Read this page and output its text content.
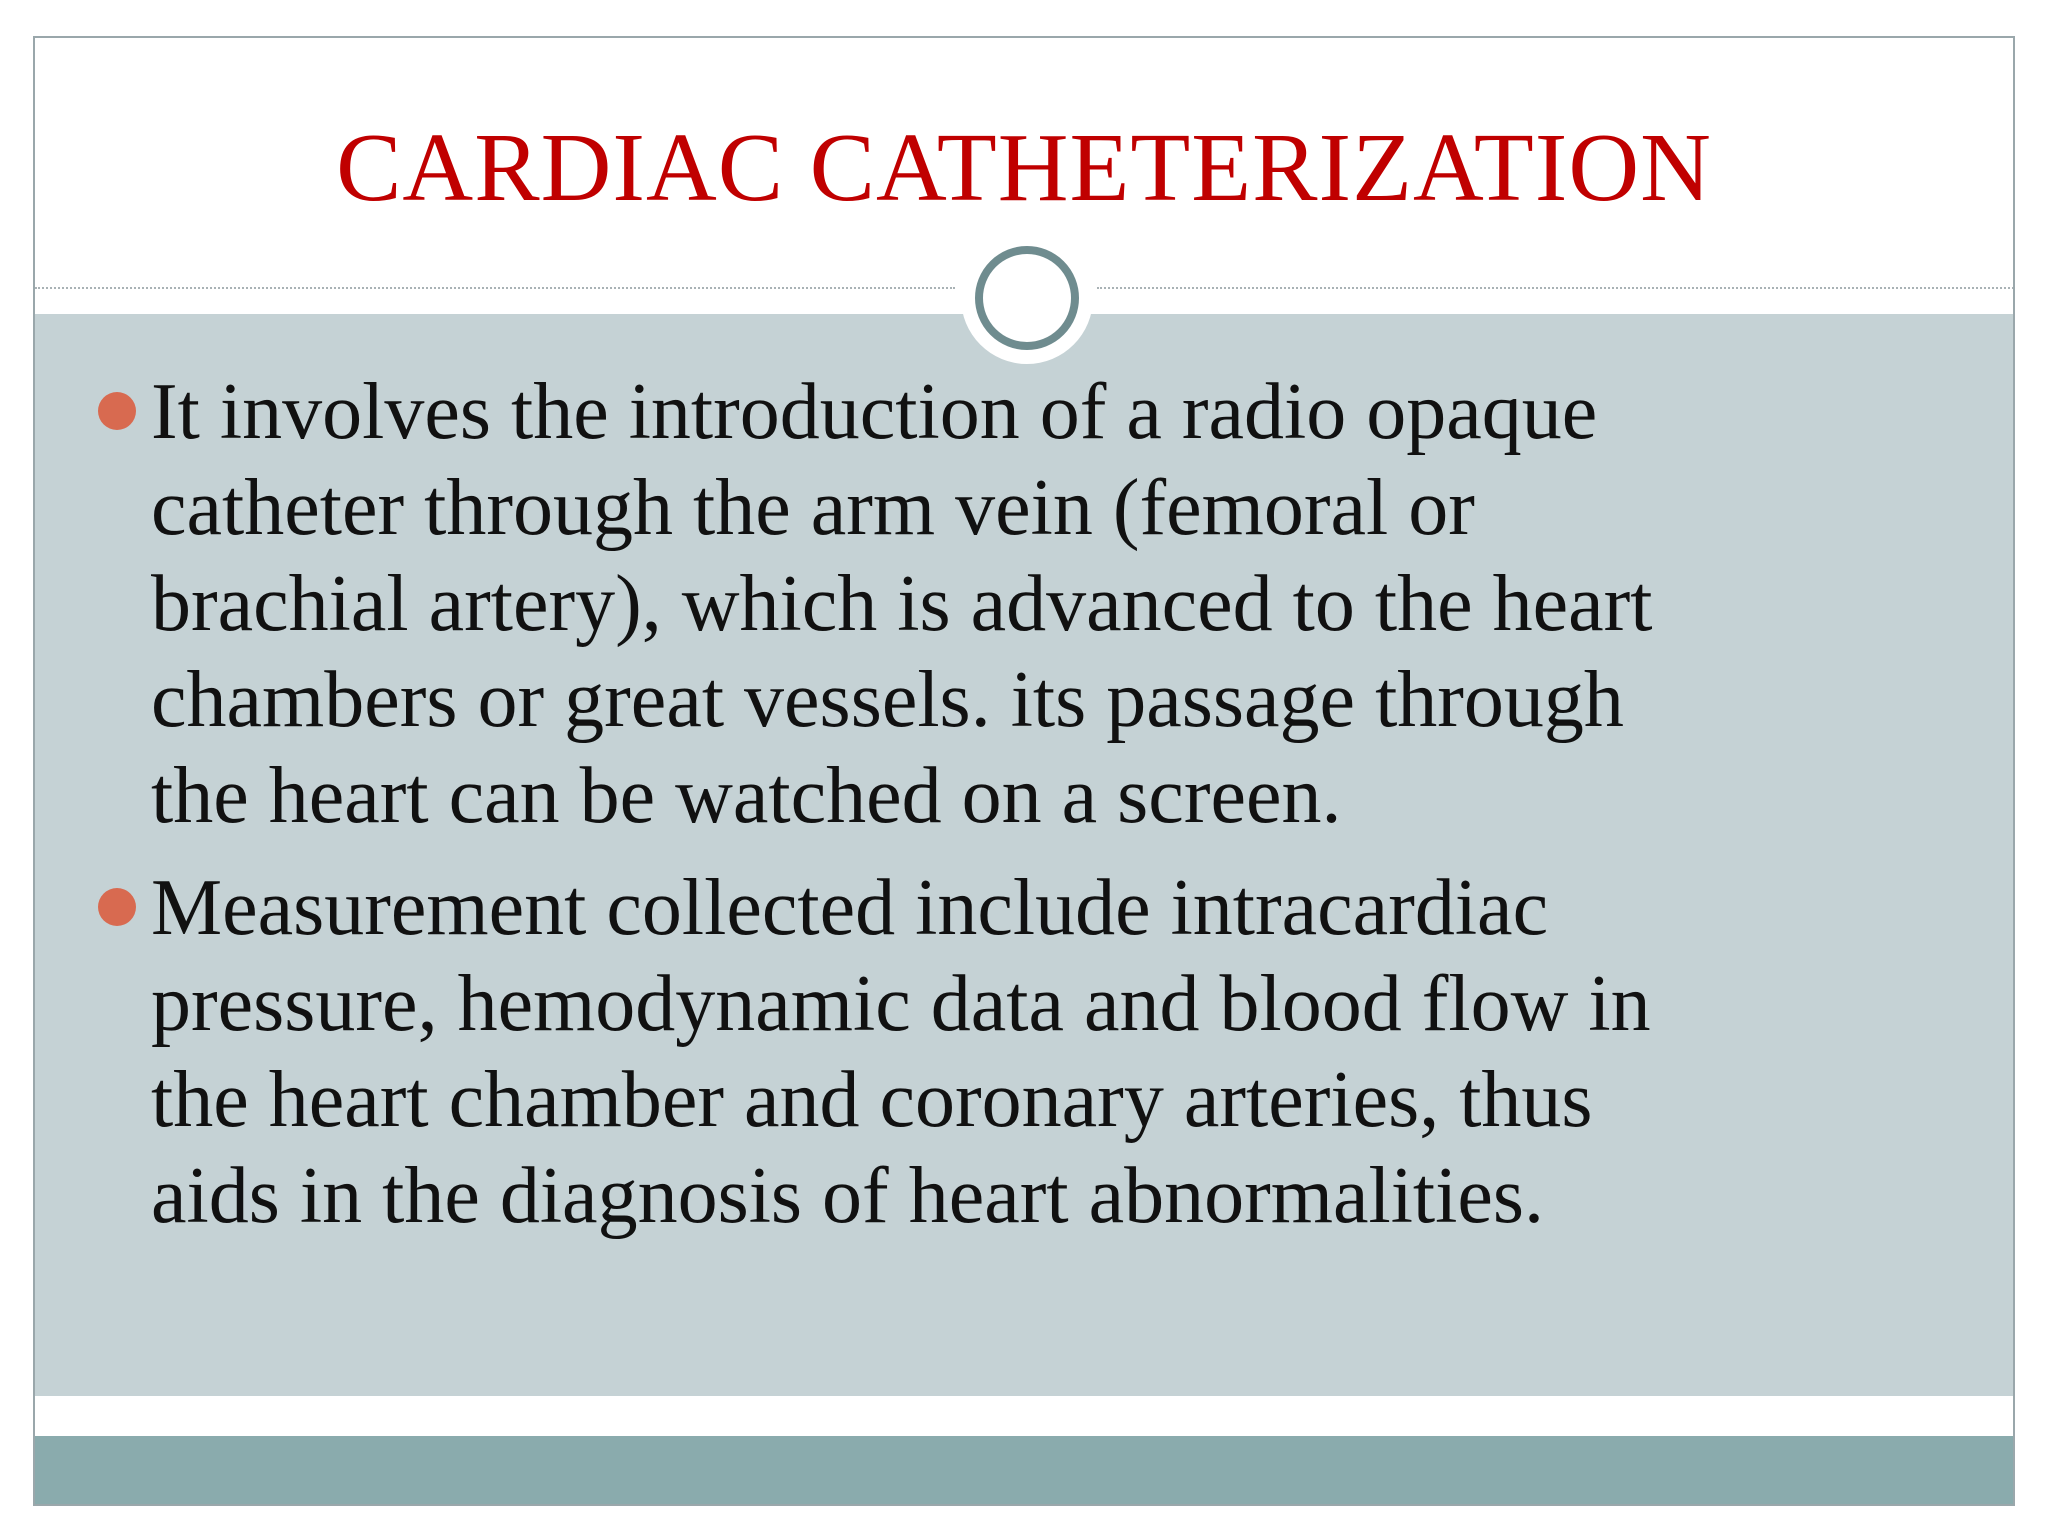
CARDIAC CATHETERIZATION

It involves the introduction of a radio opaque
catheter through the arm vein (femoral or
brachial artery), which is advanced to the heart
chambers or great vessels. its passage through
the heart can be watched on a screen.

Measurement collected include intracardiac
pressure, hemodynamic data and blood flow in
the heart chamber and coronary arteries, thus
aids in the diagnosis of heart abnormalities.
